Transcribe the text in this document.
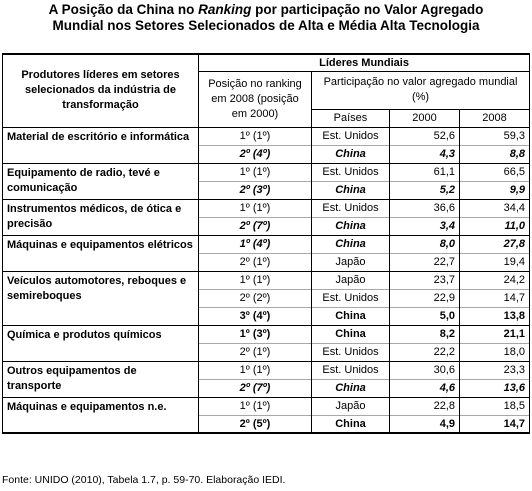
A Posição da China no Ranking por participação no Valor Agregado
Mundial nos Setores Selecionados de Alta e Média Alta Tecnologia
Produtores líderes em setores selecionados da indústria de transformação	Líderes Mundiais			
	Posição no ranking em 2008 (posição em 2000)	Participação no valor agregado mundial (%)		
		Países	2000	2008
Material de escritório e informática	1º (1º)	Est. Unidos	52,6	59,3
	2º (4º)	China	4,3	8,8
Equipamento de radio, tevé e comunicação	1º (1º)	Est. Unidos	61,1	66,5
	2º (3º)	China	5,2	9,9
Instrumentos médicos, de ótica e precisão	1º (1º)	Est. Unidos	36,6	34,4
	2º (7º)	China	3,4	11,0
Máquinas e equipamentos elétricos	1º (4º)	China	8,0	27,8
	2º (1º)	Japão	22,7	19,4
Veículos automotores, reboques e semireboques	1º (1º)	Japão	23,7	24,2
	2º (2º)	Est. Unidos	22,9	14,7
	3º (4º)	China	5,0	13,8
Química e produtos químicos	1º (3º)	China	8,2	21,1
	2º (1º)	Est. Unidos	22,2	18,0
Outros equipamentos de transporte	1º (1º)	Est. Unidos	30,6	23,3
	2º (7º)	China	4,6	13,6
Máquinas e equipamentos n.e.	1º (1º)	Japão	22,8	18,5
	2º (5º)	China	4,9	14,7
Fonte: UNIDO (2010), Tabela 1.7, p. 59-70. Elaboração IEDI.
